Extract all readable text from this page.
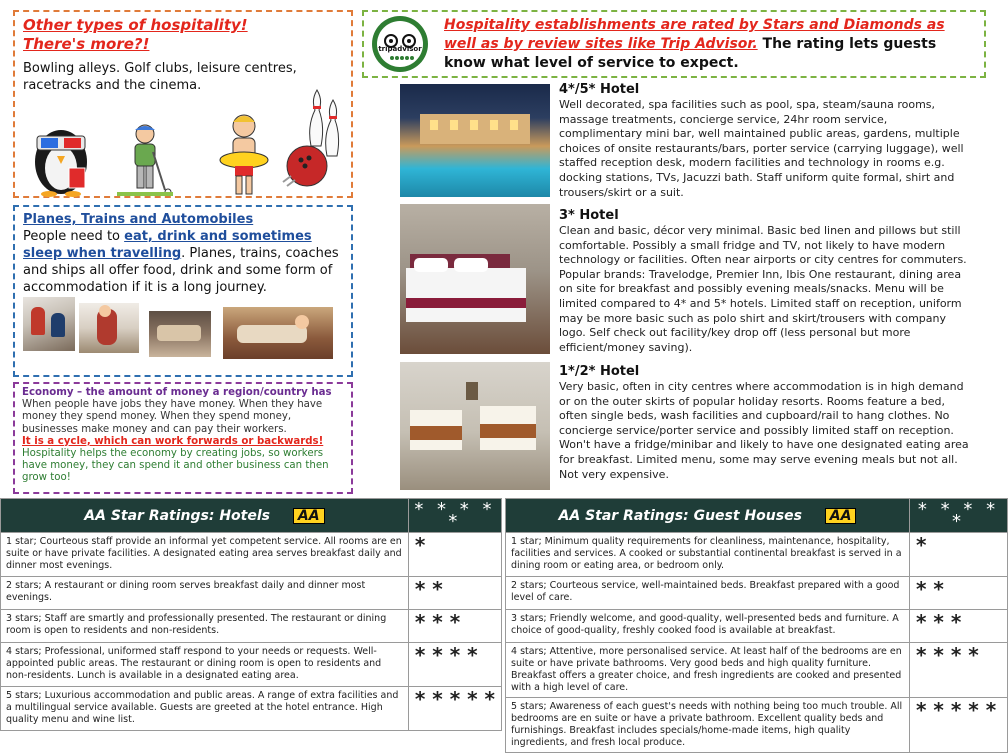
Other types of hospitality!
There's more?!
Bowling alleys. Golf clubs, leisure centres, racetracks and the cinema.
Planes, Trains and Automobiles
People need to eat, drink and sometimes sleep when travelling. Planes, trains, coaches and ships all offer food, drink and some form of accommodation if it is a long journey.
Economy – the amount of money a region/country has
When people have jobs they have money. When they have money they spend money. When they spend money, businesses make money and can pay their workers.
It is a cycle, which can work forwards or backwards!
Hospitality helps the economy by creating jobs, so workers have money, they can spend it and other business can then grow too!
tripadvisor
Hospitality establishments are rated by Stars and Diamonds as well as by review sites like Trip Advisor. The rating lets guests know what level of service to expect.
4*/5* Hotel
Well decorated, spa facilities such as pool, spa, steam/sauna rooms, massage treatments, concierge service, 24hr room service, complimentary mini bar, well maintained public areas, gardens, multiple choices of onsite restaurants/bars, porter service (carrying luggage), well staffed reception desk, modern facilities and technology in rooms e.g. docking stations, TVs, Jacuzzi bath. Staff uniform quite formal, shirt and trousers/skirt or a suit.
3* Hotel
Clean and basic, décor very minimal. Basic bed linen and pillows but still comfortable. Possibly a small fridge and TV, not likely to have modern technology or facilities. Often near airports or city centres for commuters. Popular brands: Travelodge, Premier Inn, Ibis One restaurant, dining area on site for breakfast and possibly evening meals/snacks. Menu will be limited compared to 4* and 5* hotels. Limited staff on reception, uniform may be more basic such as polo shirt and skirt/trousers with company logo. Self check out facility/key drop off (less personal but more efficient/money saving).
1*/2* Hotel
Very basic, often in city centres where accommodation is in high demand or on the outer skirts of popular holiday resorts. Rooms feature a bed, often single beds, wash facilities and cupboard/rail to hang clothes. No concierge service/porter service and possibly limited staff on reception. Won't have a fridge/minibar and likely to have one designated eating area for breakfast. Limited menu, some may serve evening meals but not all. Not very expensive.
AA Star Ratings: Hotels AA	* * * * *
1 star; Courteous staff provide an informal yet competent service. All rooms are en suite or have private facilities. A designated eating area serves breakfast daily and dinner most evenings.	*
2 stars; A restaurant or dining room serves breakfast daily and dinner most evenings.	* *
3 stars; Staff are smartly and professionally presented. The restaurant or dining room is open to residents and non-residents.	* * *
4 stars; Professional, uniformed staff respond to your needs or requests. Well-appointed public areas. The restaurant or dining room is open to residents and non-residents. Lunch is available in a designated eating area.	* * * *
5 stars; Luxurious accommodation and public areas. A range of extra facilities and a multilingual service available. Guests are greeted at the hotel entrance. High quality menu and wine list.	* * * * *
AA Star Ratings: Guest Houses AA	* * * * *
1 star; Minimum quality requirements for cleanliness, maintenance, hospitality, facilities and services. A cooked or substantial continental breakfast is served in a dining room or eating area, or bedroom only.	*
2 stars; Courteous service, well-maintained beds. Breakfast prepared with a good level of care.	* *
3 stars; Friendly welcome, and good-quality, well-presented beds and furniture. A choice of good-quality, freshly cooked food is available at breakfast.	* * *
4 stars; Attentive, more personalised service. At least half of the bedrooms are en suite or have private bathrooms. Very good beds and high quality furniture. Breakfast offers a greater choice, and fresh ingredients are cooked and presented with a high level of care.	* * * *
5 stars; Awareness of each guest's needs with nothing being too much trouble. All bedrooms are en suite or have a private bathroom. Excellent quality beds and furnishings. Breakfast includes specials/home-made items, high quality ingredients, and fresh local produce.	* * * * *
